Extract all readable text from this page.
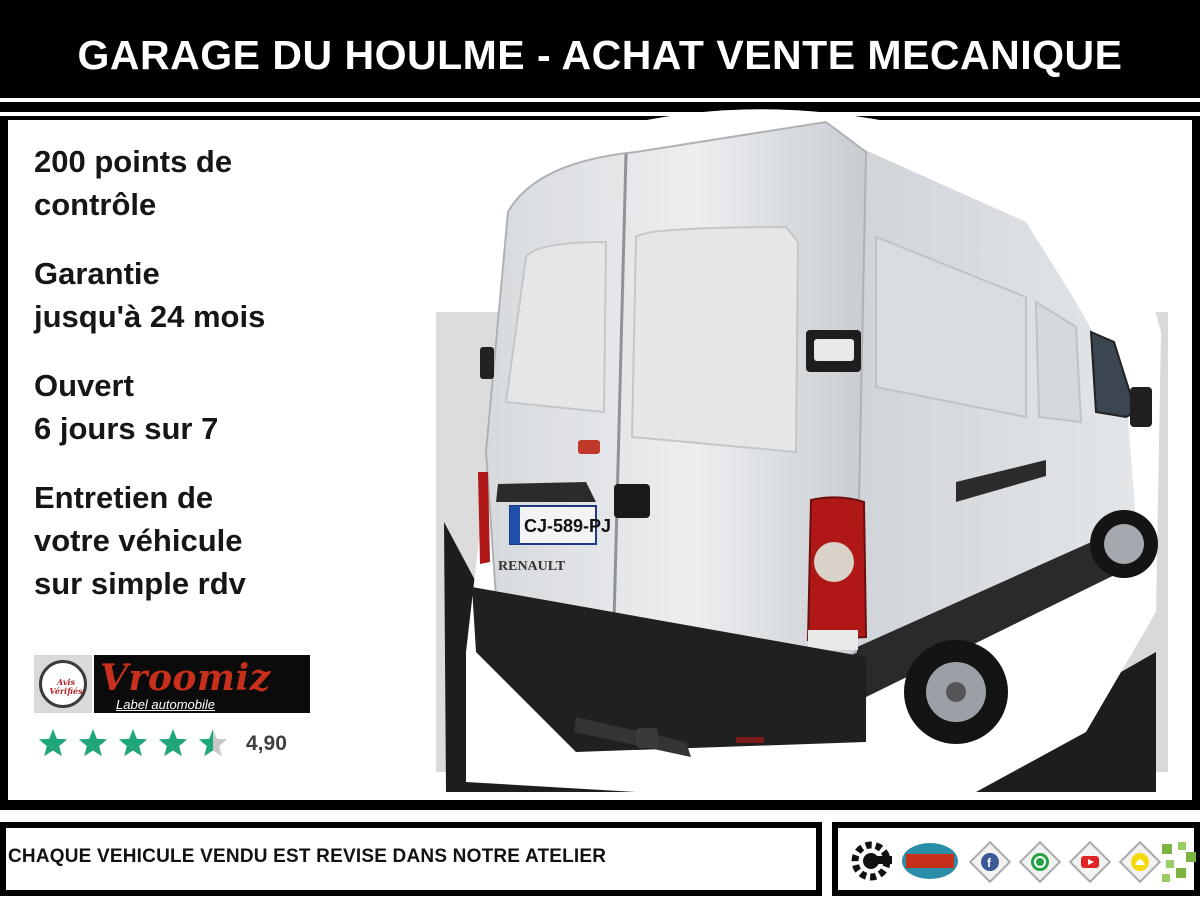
GARAGE DU HOULME - ACHAT VENTE MECANIQUE
200 points de
contrôle
Garantie
jusqu'à 24 mois
Ouvert
6 jours sur 7
Entretien de
votre véhicule
sur simple rdv
Avis
Vérifiés Vroomiz
Label automobile
4,90
CJ-589-PJ
RENAULT
CHAQUE VEHICULE VENDU EST REVISE DANS NOTRE ATELIER	f
